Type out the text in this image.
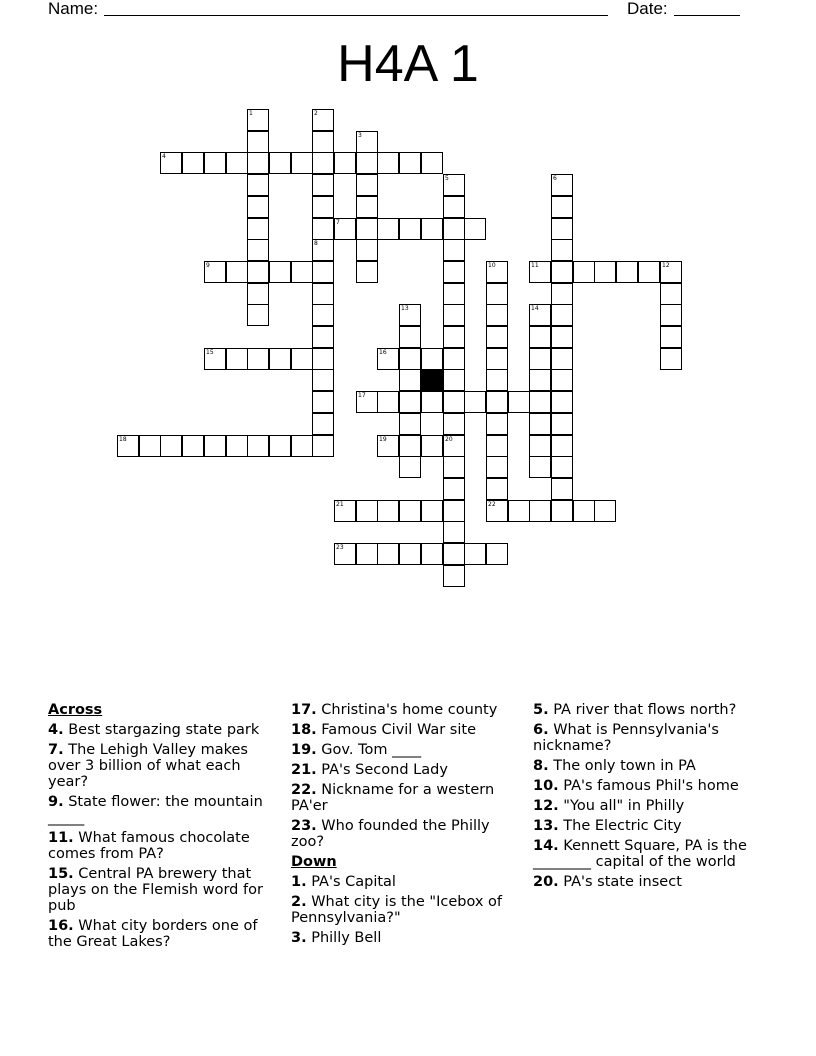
Name:	Date:
H4A 1
1	2
3
4
5	6
7
8
9	10	11	12
13	14
15	16
17
18	19	20
21	22
23

Across

4. Best stargazing state park

7. The Lehigh Valley makes over 3 billion of what each year?

9. State flower: the mountain _____

11. What famous chocolate comes from PA?

15. Central PA brewery that plays on the Flemish word for pub

16. What city borders one of the Great Lakes?

17. Christina's home county

18. Famous Civil War site

19. Gov. Tom ____

21. PA's Second Lady

22. Nickname for a western PA'er

23. Who founded the Philly zoo?

Down

1. PA's Capital

2. What city is the "Icebox of Pennsylvania?"

3. Philly Bell

5. PA river that flows north?

6. What is Pennsylvania's nickname?

8. The only town in PA

10. PA's famous Phil's home

12. "You all" in Philly

13. The Electric City

14. Kennett Square, PA is the ________ capital of the world

20. PA's state insect
